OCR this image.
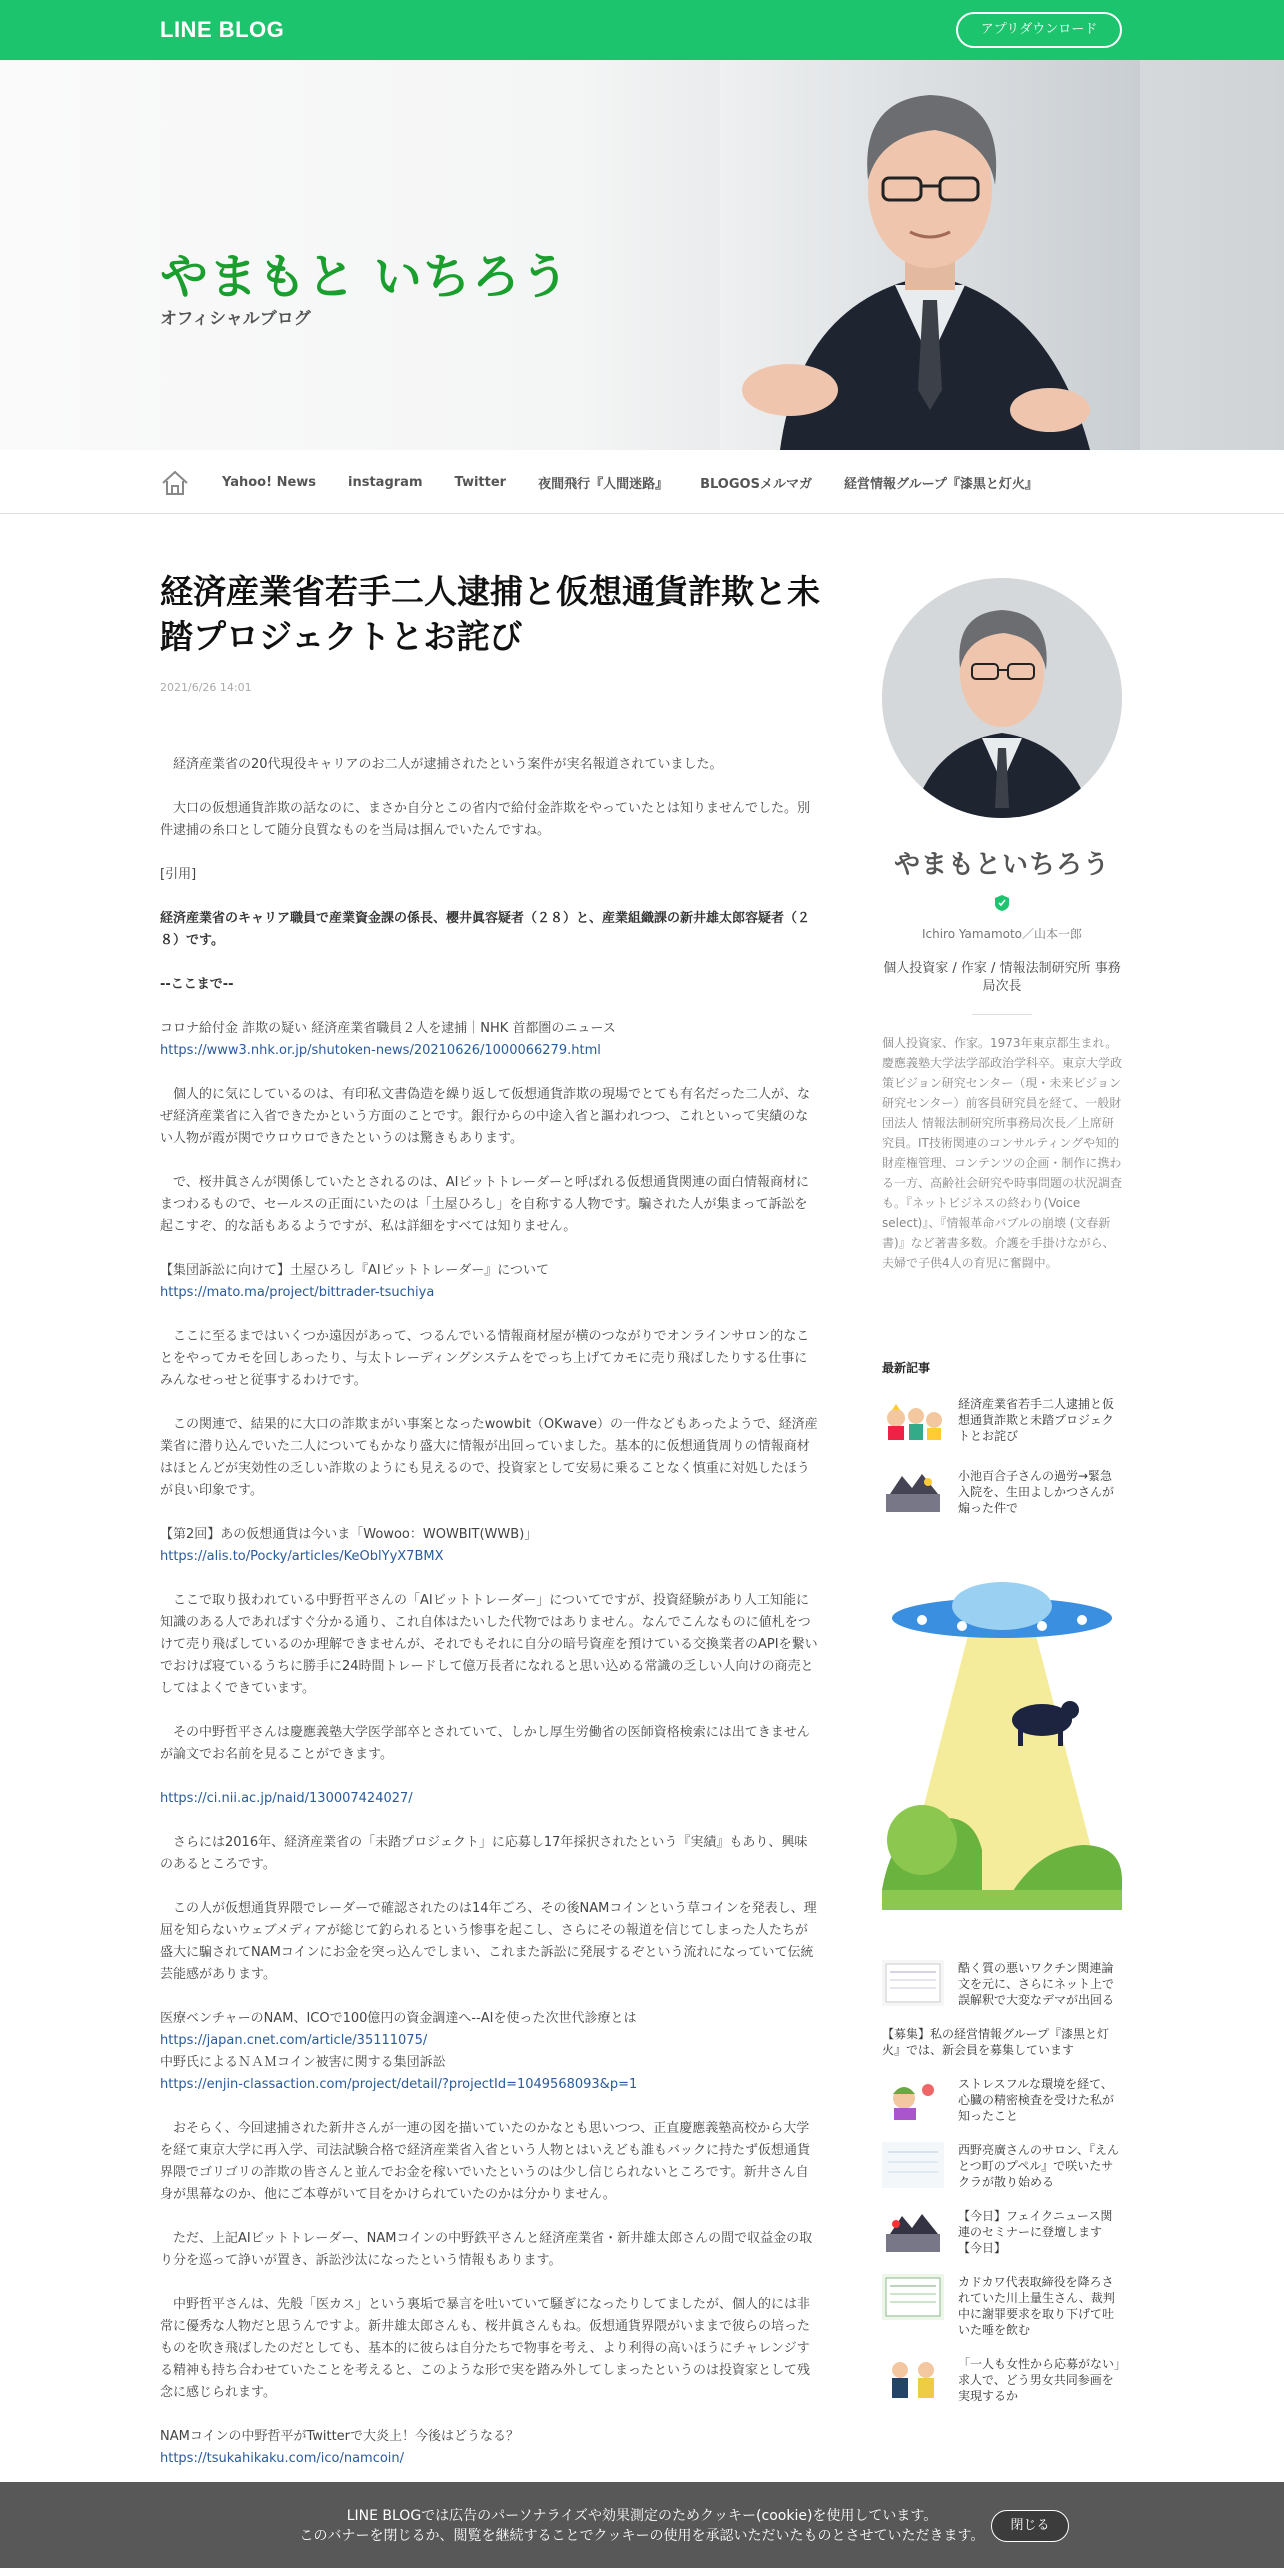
LINE BLOG	アプリダウンロード
やまもと いちろう
オフィシャルブログ
Yahoo! News instagram Twitter 夜間飛行『人間迷路』 BLOGOSメルマガ 経営情報グループ『漆黒と灯火』
経済産業省若手二人逮捕と仮想通貨詐欺と未踏プロジェクトとお詫び
2021/6/26 14:01

経済産業省の20代現役キャリアのお二人が逮捕されたという案件が実名報道されていました。

大口の仮想通貨詐欺の話なのに、まさか自分とこの省内で給付金詐欺をやっていたとは知りませんでした。別件逮捕の糸口として随分良質なものを当局は掴んでいたんですね。

[引用]

経済産業省のキャリア職員で産業資金課の係長、櫻井眞容疑者（２８）と、産業組織課の新井雄太郎容疑者（２８）です。

--ここまで--

コロナ給付金 詐欺の疑い 経済産業省職員２人を逮捕｜NHK 首都圏のニュース
https://www3.nhk.or.jp/shutoken-news/20210626/1000066279.html

個人的に気にしているのは、有印私文書偽造を繰り返して仮想通貨詐欺の現場でとても有名だった二人が、なぜ経済産業省に入省できたかという方面のことです。銀行からの中途入省と謳われつつ、これといって実績のない人物が霞が関でウロウロできたというのは驚きもあります。

で、桜井眞さんが関係していたとされるのは、AIビットトレーダーと呼ばれる仮想通貨関連の面白情報商材にまつわるもので、セールスの正面にいたのは「土屋ひろし」を自称する人物です。騙された人が集まって訴訟を起こすぞ、的な話もあるようですが、私は詳細をすべては知りません。

【集団訴訟に向けて】土屋ひろし『AIビットトレーダー』について
https://mato.ma/project/bittrader-tsuchiya

ここに至るまではいくつか遠因があって、つるんでいる情報商材屋が横のつながりでオンラインサロン的なことをやってカモを回しあったり、与太トレーディングシステムをでっち上げてカモに売り飛ばしたりする仕事にみんなせっせと従事するわけです。

この関連で、結果的に大口の詐欺まがい事案となったwowbit（OKwave）の一件などもあったようで、経済産業省に潜り込んでいた二人についてもかなり盛大に情報が出回っていました。基本的に仮想通貨周りの情報商材はほとんどが実効性の乏しい詐欺のようにも見えるので、投資家として安易に乗ることなく慎重に対処したほうが良い印象です。

【第2回】あの仮想通貨は今いま「Wowoo：WOWBIT(WWB)」
https://alis.to/Pocky/articles/KeOblYyX7BMX

ここで取り扱われている中野哲平さんの「AIビットトレーダー」についてですが、投資経験があり人工知能に知識のある人であればすぐ分かる通り、これ自体はたいした代物ではありません。なんでこんなものに値札をつけて売り飛ばしているのか理解できませんが、それでもそれに自分の暗号資産を預けている交換業者のAPIを繋いでおけば寝ているうちに勝手に24時間トレードして億万長者になれると思い込める常識の乏しい人向けの商売としてはよくできています。

その中野哲平さんは慶應義塾大学医学部卒とされていて、しかし厚生労働省の医師資格検索には出てきませんが論文でお名前を見ることができます。

https://ci.nii.ac.jp/naid/130007424027/

さらには2016年、経済産業省の「未踏プロジェクト」に応募し17年採択されたという『実績』もあり、興味のあるところです。

この人が仮想通貨界隈でレーダーで確認されたのは14年ごろ、その後NAMコインという草コインを発表し、理屈を知らないウェブメディアが総じて釣られるという惨事を起こし、さらにその報道を信じてしまった人たちが盛大に騙されてNAMコインにお金を突っ込んでしまい、これまた訴訟に発展するぞという流れになっていて伝統芸能感があります。

医療ベンチャーのNAM、ICOで100億円の資金調達へ--AIを使った次世代診療とは
https://japan.cnet.com/article/35111075/
中野氏によるＮＡＭコイン被害に関する集団訴訟
https://enjin-classaction.com/project/detail/?projectId=1049568093&p=1

おそらく、今回逮捕された新井さんが一連の図を描いていたのかなとも思いつつ、正直慶應義塾高校から大学を経て東京大学に再入学、司法試験合格で経済産業省入省という人物とはいえども誰もバックに持たず仮想通貨界隈でゴリゴリの詐欺の皆さんと並んでお金を稼いでいたというのは少し信じられないところです。新井さん自身が黒幕なのか、他にご本尊がいて目をかけられていたのかは分かりません。

ただ、上記AIビットトレーダー、NAMコインの中野鉄平さんと経済産業省・新井雄太郎さんの間で収益金の取り分を巡って諍いが置き、訴訟沙汰になったという情報もあります。

中野哲平さんは、先般「医カス」という裏垢で暴言を吐いていて騒ぎになったりしてましたが、個人的には非常に優秀な人物だと思うんですよ。新井雄太郎さんも、桜井眞さんもね。仮想通貨界隈がいままで彼らの培ったものを吹き飛ばしたのだとしても、基本的に彼らは自分たちで物事を考え、より利得の高いほうにチャレンジする精神も持ち合わせていたことを考えると、このような形で実を踏み外してしまったというのは投資家として残念に感じられます。

NAMコインの中野哲平がTwitterで大炎上！今後はどうなる？
https://tsukahikaku.com/ico/namcoin/

やまもといちろう
Ichiro Yamamoto／山本一郎
個人投資家 / 作家 / 情報法制研究所 事務局次長
個人投資家、作家。1973年東京都生まれ。慶應義塾大学法学部政治学科卒。東京大学政策ビジョン研究センター（現・未来ビジョン研究センター）前客員研究員を経て、一般財団法人 情報法制研究所事務局次長／上席研究員。IT技術関連のコンサルティングや知的財産権管理、コンテンツの企画・制作に携わる一方、高齢社会研究や時事問題の状況調査も。『ネットビジネスの終わり(Voice select)』、『情報革命バブルの崩壊 (文春新書)』など著書多数。介護を手掛けながら、夫婦で子供4人の育児に奮闘中。
最新記事
経済産業省若手二人逮捕と仮想通貨詐欺と未踏プロジェクトとお詫び
小池百合子さんの過労→緊急入院を、生田よしかつさんが煽った件で
酷く質の悪いワクチン関連論文を元に、さらにネット上で誤解釈で大変なデマが出回る
【募集】私の経営情報グループ『漆黒と灯火』では、新会員を募集しています
ストレスフルな環境を経て、心臓の精密検査を受けた私が知ったこと
西野亮廣さんのサロン、『えんとつ町のプペル』で咲いたサクラが散り始める
【今日】フェイクニュース関連のセミナーに登壇します【今日】
カドカワ代表取締役を降ろされていた川上量生さん、裁判中に謝罪要求を取り下げて吐いた唾を飲む
「一人も女性から応募がない」求人で、どう男女共同参画を実現するか
LINE BLOGでは広告のパーソナライズや効果測定のためクッキー(cookie)を使用しています。
このバナーを閉じるか、閲覧を継続することでクッキーの使用を承認いただいたものとさせていただきます。
閉じる
